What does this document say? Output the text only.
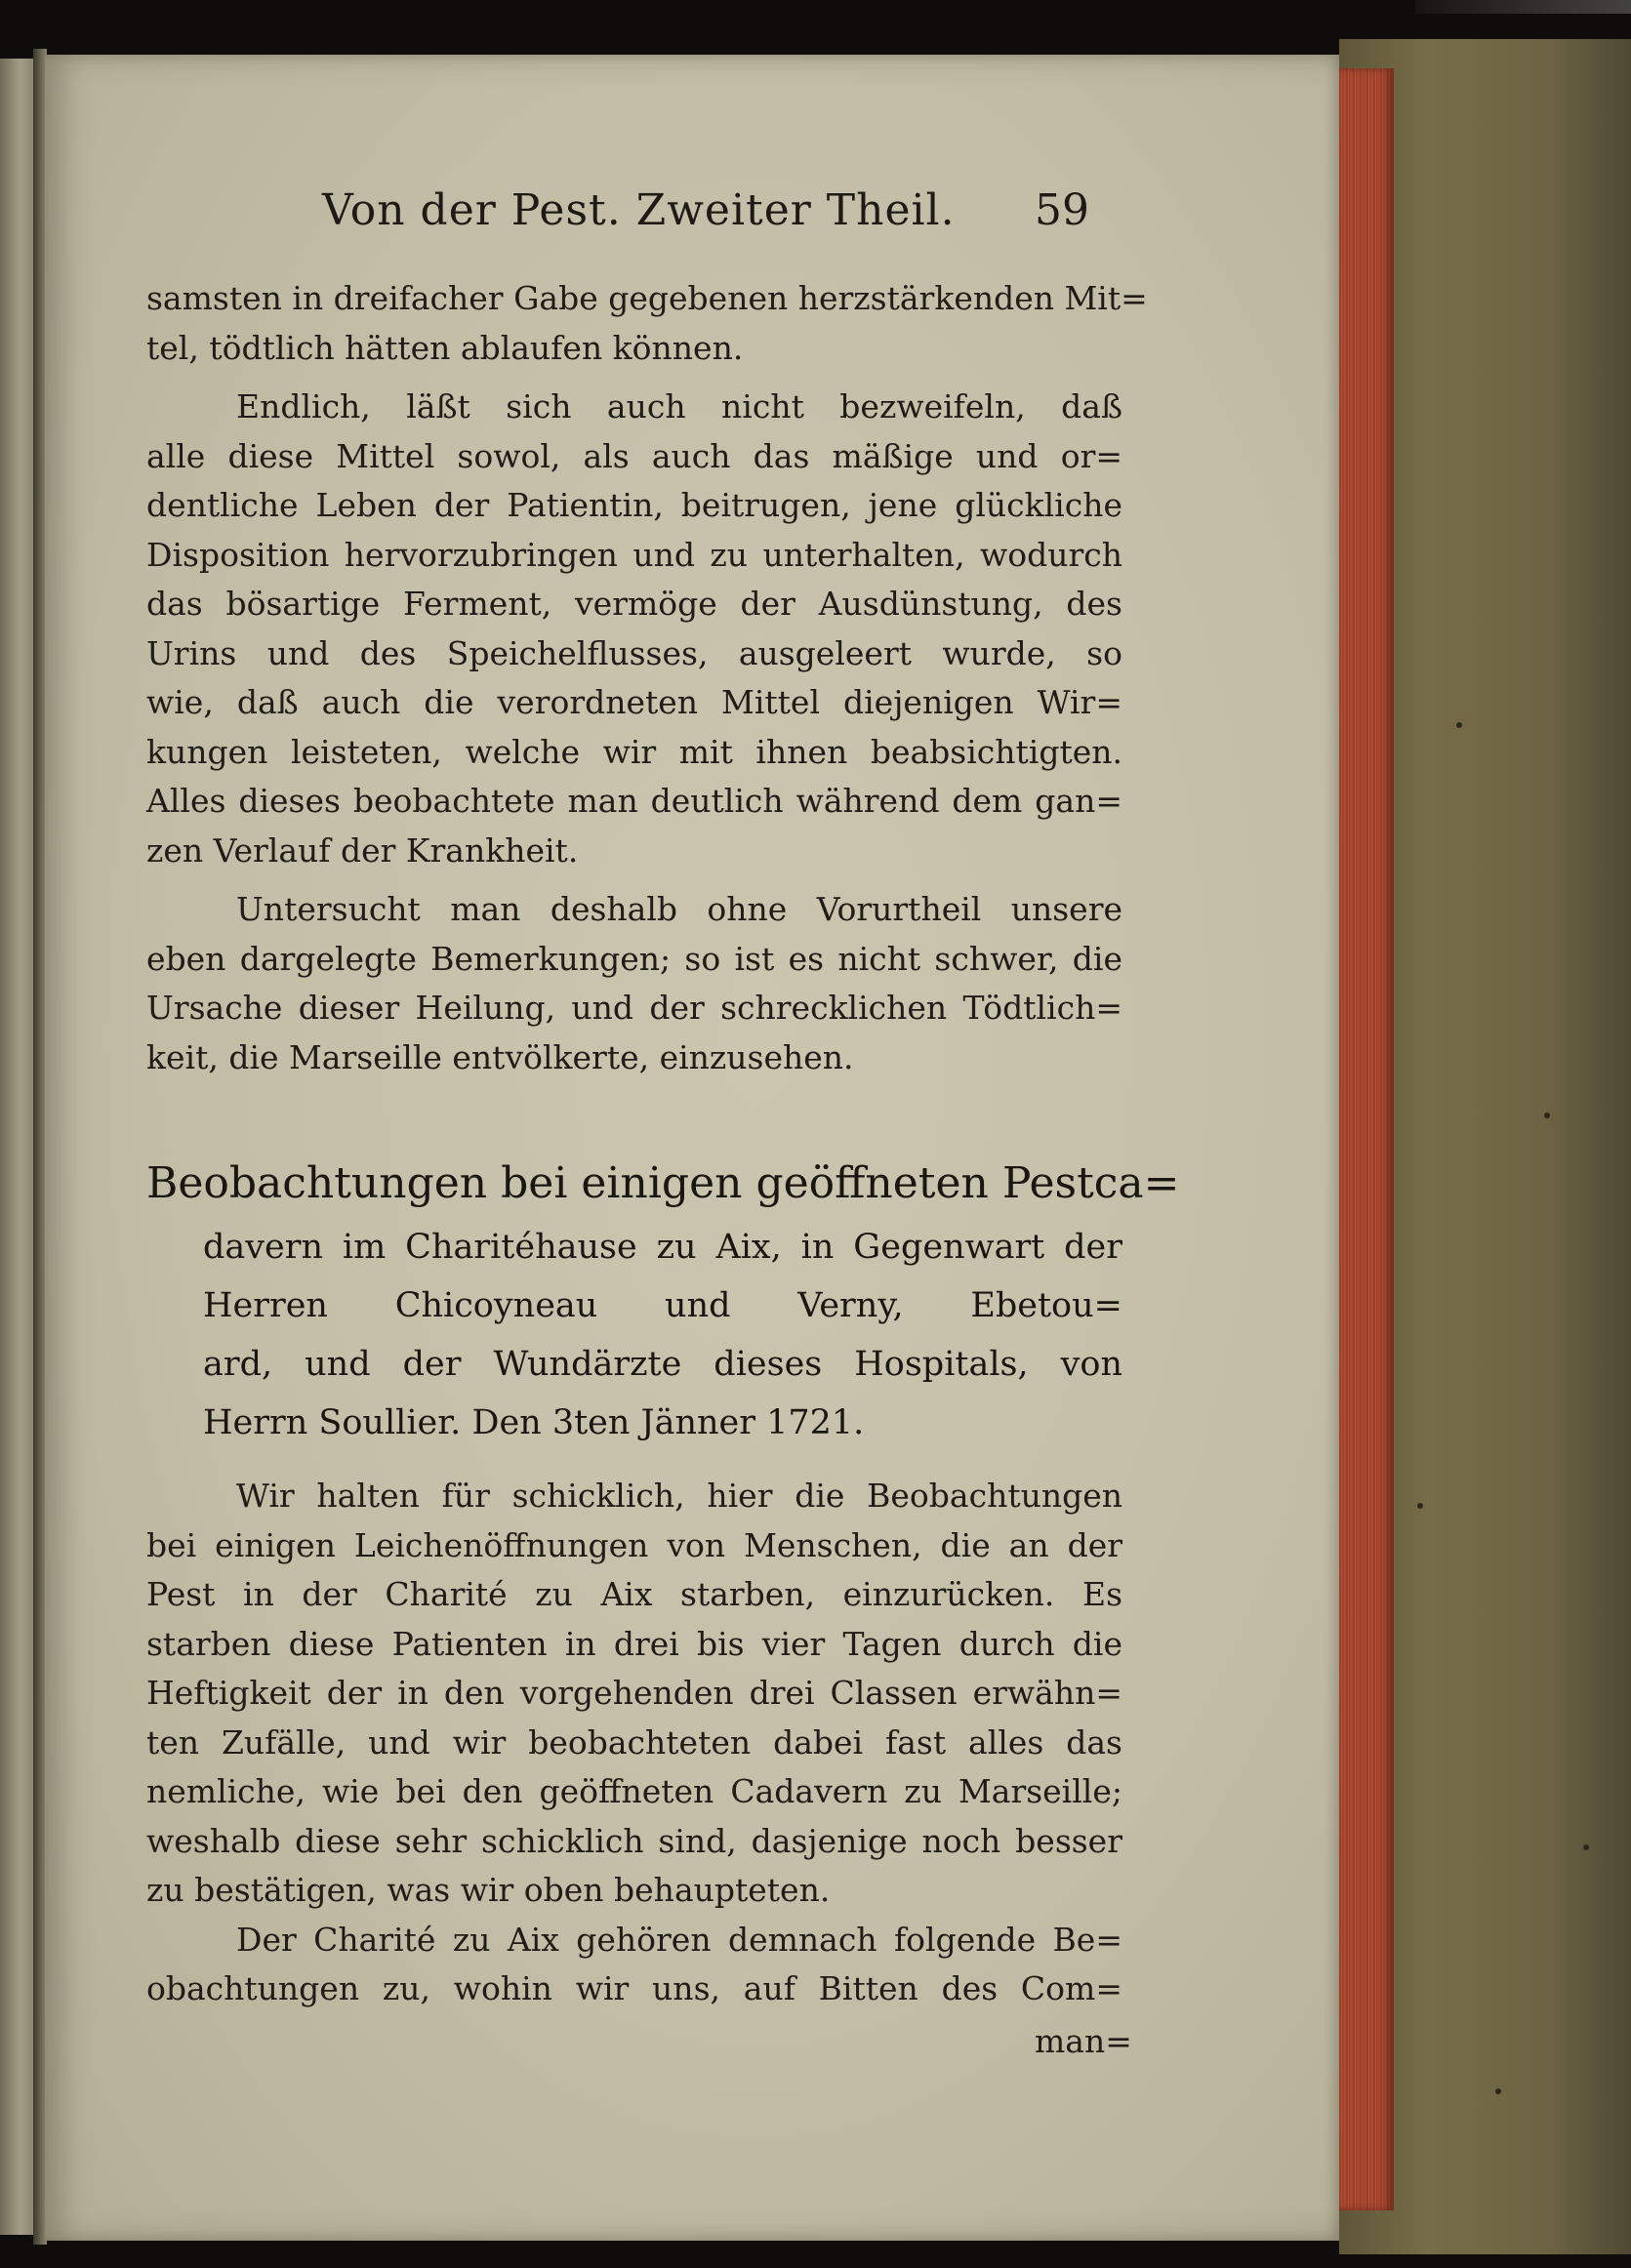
Von der Pest. Zweiter Theil.	59
samsten in dreifacher Gabe gegebenen herzstärkenden Mit=
tel, tödtlich hätten ablaufen können.
Endlich, läßt sich auch nicht bezweifeln, daß
alle diese Mittel sowol, als auch das mäßige und or=
dentliche Leben der Patientin, beitrugen, jene glückliche
Disposition hervorzubringen und zu unterhalten, wodurch
das bösartige Ferment, vermöge der Ausdünstung, des
Urins und des Speichelflusses, ausgeleert wurde, so
wie, daß auch die verordneten Mittel diejenigen Wir=
kungen leisteten, welche wir mit ihnen beabsichtigten.
Alles dieses beobachtete man deutlich während dem gan=
zen Verlauf der Krankheit.
Untersucht man deshalb ohne Vorurtheil unsere
eben dargelegte Bemerkungen; so ist es nicht schwer, die
Ursache dieser Heilung, und der schrecklichen Tödtlich=
keit, die Marseille entvölkerte, einzusehen.
Beobachtungen bei einigen geöffneten Pestca=
davern im Charitéhause zu Aix, in Gegenwart der
Herren Chicoyneau und Verny, Ebetou=
ard, und der Wundärzte dieses Hospitals, von
Herrn Soullier. Den 3ten Jänner 1721.
Wir halten für schicklich, hier die Beobachtungen
bei einigen Leichenöffnungen von Menschen, die an der
Pest in der Charité zu Aix starben, einzurücken. Es
starben diese Patienten in drei bis vier Tagen durch die
Heftigkeit der in den vorgehenden drei Classen erwähn=
ten Zufälle, und wir beobachteten dabei fast alles das
nemliche, wie bei den geöffneten Cadavern zu Marseille;
weshalb diese sehr schicklich sind, dasjenige noch besser
zu bestätigen, was wir oben behaupteten.
Der Charité zu Aix gehören demnach folgende Be=
obachtungen zu, wohin wir uns, auf Bitten des Com=
man=
